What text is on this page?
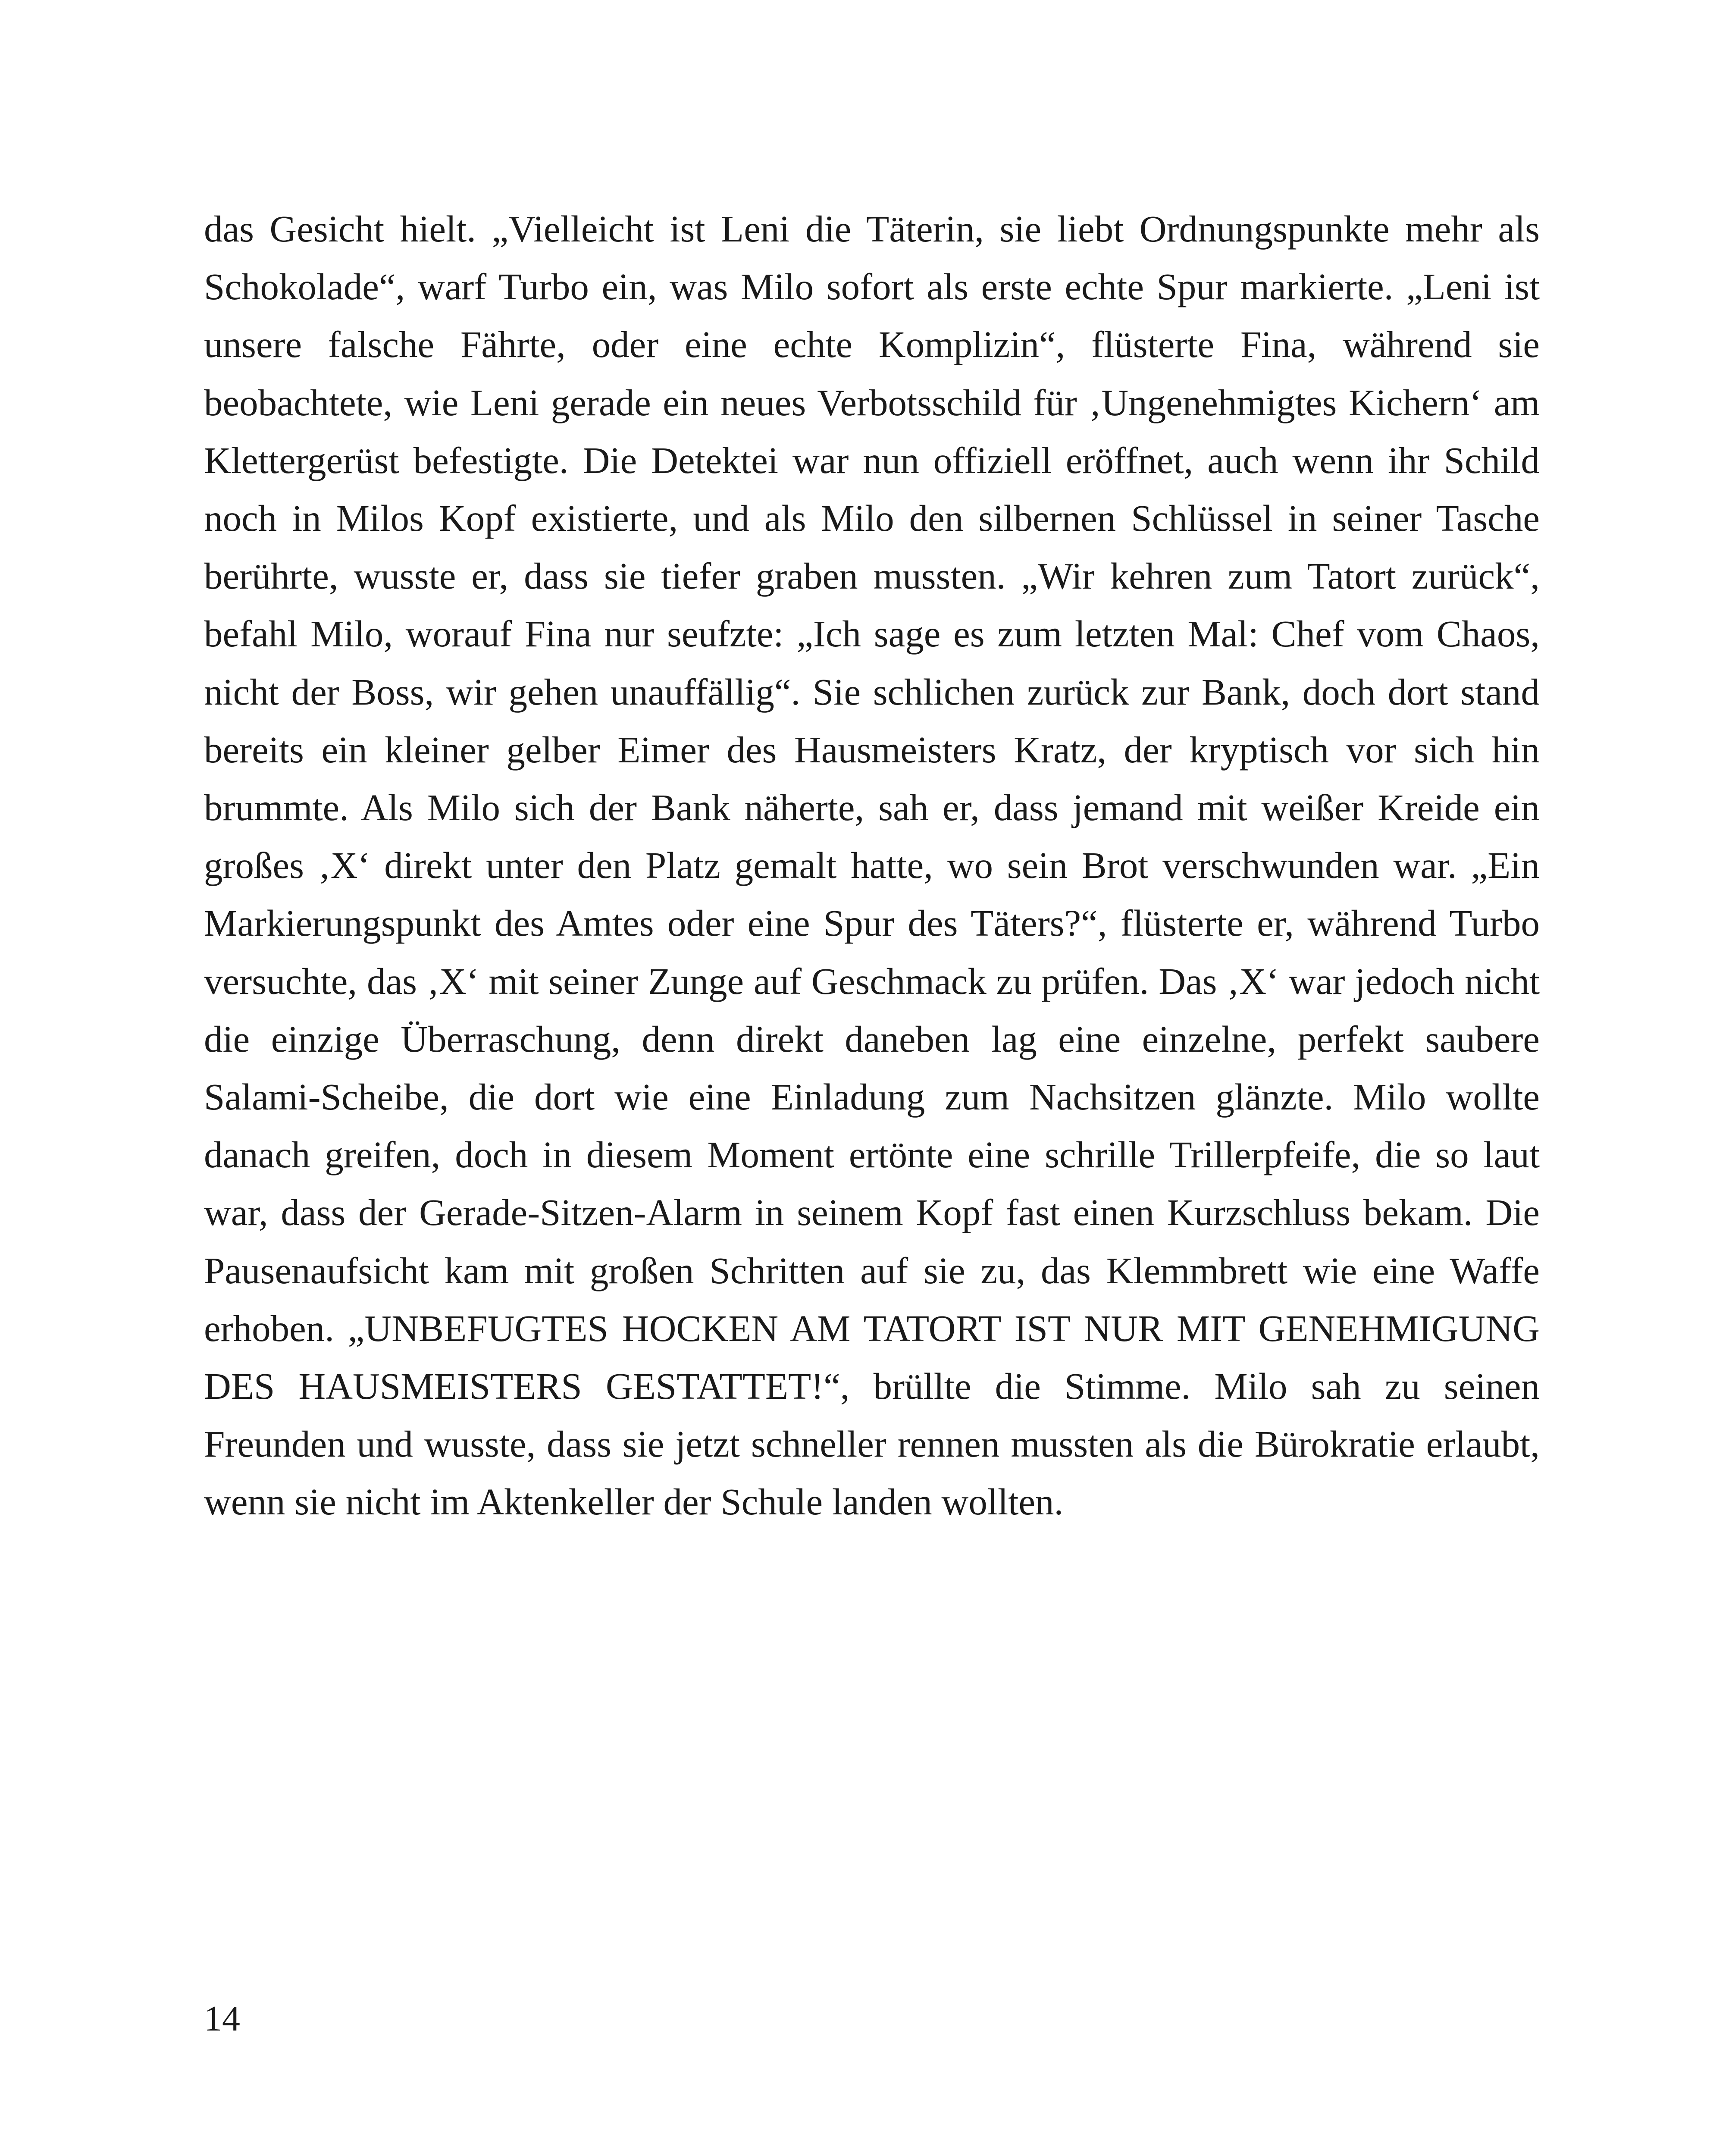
das Gesicht hielt. „Vielleicht ist Leni die Täterin, sie liebt Ordnungspunkte mehr als Schokolade“, warf Turbo ein, was Milo sofort als erste echte Spur markierte. „Leni ist unsere falsche Fährte, oder eine echte Komplizin“, flüsterte Fina, während sie beobachtete, wie Leni gerade ein neues Verbotsschild für ‚Ungenehmigtes Kichern‘ am Klettergerüst befestigte. Die Detektei war nun offiziell eröffnet, auch wenn ihr Schild noch in Milos Kopf existierte, und als Milo den silbernen Schlüssel in seiner Tasche berührte, wusste er, dass sie tiefer graben mussten. „Wir kehren zum Tatort zurück“, befahl Milo, worauf Fina nur seufzte: „Ich sage es zum letzten Mal: Chef vom Chaos, nicht der Boss, wir gehen unauffällig“. Sie schlichen zurück zur Bank, doch dort stand bereits ein kleiner gelber Eimer des Hausmeisters Kratz, der kryptisch vor sich hin brummte. Als Milo sich der Bank näherte, sah er, dass jemand mit weißer Kreide ein großes ‚X‘ direkt unter den Platz gemalt hatte, wo sein Brot verschwunden war. „Ein Markierungspunkt des Amtes oder eine Spur des Täters?“, flüsterte er, während Turbo versuchte, das ‚X‘ mit seiner Zunge auf Geschmack zu prüfen. Das ‚X‘ war jedoch nicht die einzige Überraschung, denn direkt daneben lag eine einzelne, perfekt saubere Salami-Scheibe, die dort wie eine Einladung zum Nachsitzen glänzte. Milo wollte danach greifen, doch in diesem Moment ertönte eine schrille Trillerpfeife, die so laut war, dass der Gerade-Sitzen-Alarm in seinem Kopf fast einen Kurzschluss bekam. Die Pausenaufsicht kam mit großen Schritten auf sie zu, das Klemmbrett wie eine Waffe erhoben. „UNBEFUGTES HOCKEN AM TATORT IST NUR MIT GENEHMIGUNG DES HAUSMEISTERS GESTATTET!“, brüllte die Stimme. Milo sah zu seinen Freunden und wusste, dass sie jetzt schneller rennen mussten als die Bürokratie erlaubt, wenn sie nicht im Aktenkeller der Schule landen wollten.

14
